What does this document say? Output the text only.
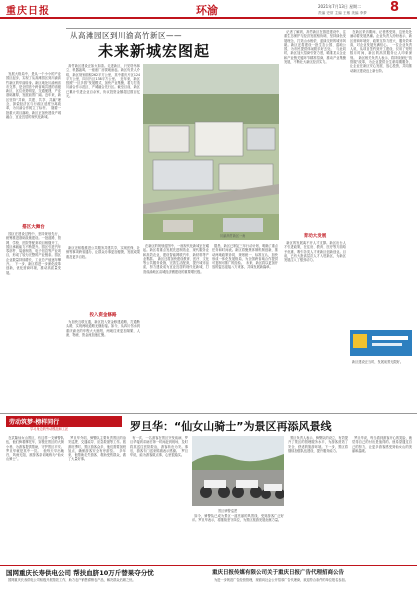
重庆日报	环渝	2021年7月13日 星期二 8
责编 史常 主编 王敏 美编 李梦
发展大格局中，是从一个小小的产业园区起步，实现了从高滩园区到川渝高竹新区的华丽转身。新区地处川渝两省市交界，是全国首个跨省域共建的省级新区，区位优势明显，交通便捷，产业基础雄厚，发展前景广阔。近年来，新区坚持“共商、共建、共享、共赢”理念，探索经济区与行政区适度分离改革，为川渝合作树立了标杆。  随着一批重大项目落地，新区正加快建设产城融合、宜业宜居的现代化新城。
搭区大舞台
园区在建设过程中，坚持规划先行，统筹推进基础设施建设。一批道路、管网、学校、医院等配套项目相继开工，园区承载能力不断提升。园区引进汽车零部件、装备制造、电子信息等产业项目，形成了较为完整的产业链条。园区企业数量持续增长，工业总产值逐年攀升。  下一步，新区将进一步深化改革创新，优化营商环境，推动高质量发展。
从高滩园区到川渝高竹新区——
未来新城宏图起
高竹新区建设正如火如荼。走进新区，只见塔吊林立、机器轰鸣，一座座厂房拔地而起。新区负责人介绍，新区规划面积262平方公里，其中重庆片区124平方公里，四川片区138平方公里。  近年来，新区按照“一区多园”发展模式，加快产业集聚，着力打造川渝合作示范区、产城融合先行区。截至目前，新区已累计引进企业百余家，协议投资金额超过数百亿元。
川渝高竹新区一角
新区还积极推进公共服务共建共享，实现医保、社保等事项跨省通办，让群众办事更加便捷，发展成果惠及更多百姓。
投入资金修路
为加快互联互通，新区投入资金修建道路，打通断头路，实现两地道路无缝衔接。如今，从四川邻水到重庆渝北的车程大大缩短，两地往来更加频繁，人流、物流、资金流加速汇聚。
在新区的规划蓝图中，一座现代化新城正在崛起。新区将重点发展先进制造业、现代服务业和高效农业，建设智能网联汽车、新材料等产业集群。  新区还将加快建设教育、医疗、文化等公共服务设施，完善生活配套，提升城市品质，努力建设成为宜业宜居的现代化新城，打造成渝地区双城经济圈建设的重要增长极。
据悉，新区已制定三年行动计划，明确了重点任务和时间表。新区将聚焦体制机制创新，推动两地政策协同、规划统一、标准互认，加快形成一体化发展格局，为全国跨省域合作提供可复制可推广的经验。  未来，新区将以更加开放的姿态迎接八方来客，共谋发展新篇章。
记者了解到，高竹新区在推进建设中，注重生态保护与经济发展相协调，坚持绿色发展理念，打造山水相依、蓝绿交织的城市风貌。新区还将建设一批生态公园、湿地公园，为市民提供休闲娱乐好去处。  与此同时，新区加大招商引资力度，瞄准龙头企业和产业链关键环节精准招商，推动产业集聚发展，不断壮大新区经济实力。
育动大发展
新区的发展离不开人才支撑。新区出台人才引进政策，在住房、教育、医疗等方面给予优惠，吸引各类人才来新区创新创业。目前，已有大批高层次人才入驻新区，为新区发展注入了强劲动力。
在新区采访期间，记者感受到，这里处处涌动着发展热潮。企业负责人纷纷表示，新区营商环境好、政策支持力度大、服务效率高，对企业发展充满信心。  一位企业负责人说，从项目签约到开工建设，仅用了短短数月时间，新区的高效服务让人印象深刻。  新区相关负责人表示，将持续深化“放管服”改革，为企业提供全生命周期服务，让企业在新区安心发展、放心投资，共同推动新区建设迈上新台阶。
新区建设正当时，发展前景无限好。
劳动筑梦·榜样同行
学习身边的劳动模范和工匠	罗旦华：“仙女山骑士”为景区再添风景线
在武隆仙女山景区，有这样一支骑警队伍，他们骑着摩托车，穿梭在景区的大街小巷，为游客提供帮助，守护景区平安。罗旦华就是其中一员。  他每天早出晚归，风雨无阻，被游客亲切地称为“仙女山骑士”。
罗旦华介绍，骑警队主要负责景区的治安巡逻、交通疏导、应急救援等工作。旅游旺季时，景区游客众多，他们需要加班加点，确保游客安全有序游览。  多年来，他帮助走失游客、救助受伤群众，做了大量好事。
有一次，一名游客在景区突发疾病，罗旦华接到求助后第一时间赶到现场，及时将其送往医院救治，游客转危为安。事后，游客专门送来锦旗表示感谢。  罗旦华说，能为游客做点事，心里很踏实。
景区骑警巡逻
如今，骑警队已成为景区一道亮丽的风景线，受到游客广泛好评。罗旦华表示，将继续坚守岗位，为景区旅游发展贡献力量。
景区负责人表示，骑警队的设立，有效提升了景区的管理服务水平，为游客营造了安全、舒适的旅游环境。下一步，景区将继续加强队伍建设，提升服务能力。
罗旦华说，每当看到游客开心的笑脸，就觉得自己的付出是值得的。他希望通过自己的努力，让更多游客感受到仙女山的美丽和温暖。
国网重庆长寿供电公司 帮扶血脐10万斤替果夺分忧
国网重庆长寿供电公司积极开展帮扶工作，助力农户销售滞销农产品，解决群众后顾之忧。
重庆日报传媒有限公司关于重庆日报广告代理招商公告
为进一步规范广告经营管理，现面向社会公开招募广告代理商，欢迎符合条件的单位报名参加。
